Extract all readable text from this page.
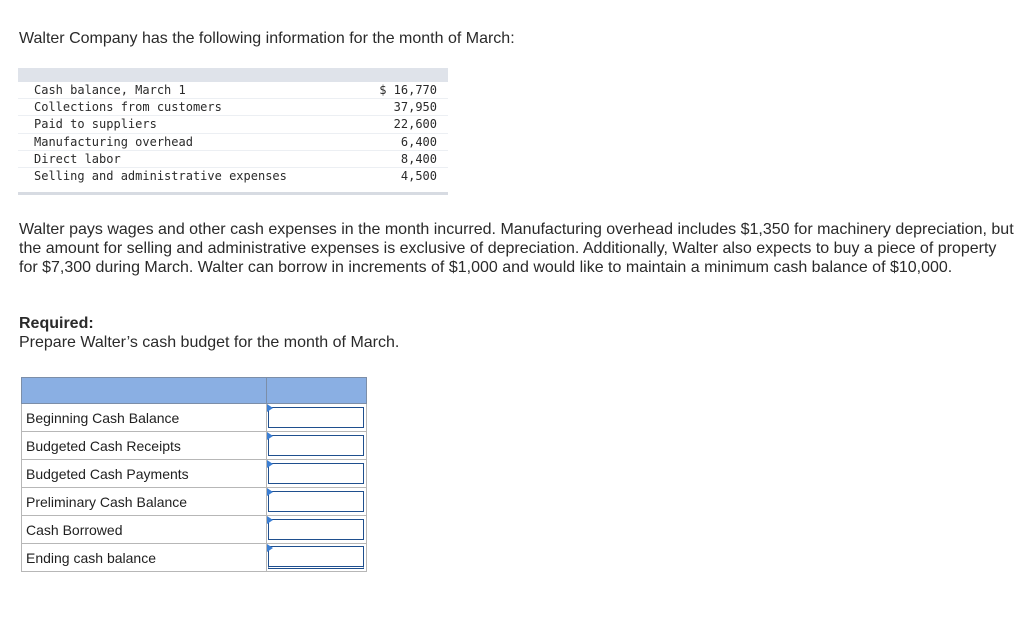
Walter Company has the following information for the month of March:

Cash balance, March 1	$ 16,770
Collections from customers	37,950
Paid to suppliers	22,600
Manufacturing overhead	6,400
Direct labor	8,400
Selling and administrative expenses	4,500

Walter pays wages and other cash expenses in the month incurred. Manufacturing overhead includes $1,350 for machinery depreciation, but the amount for selling and administrative expenses is exclusive of depreciation. Additionally, Walter also expects to buy a piece of property for $7,300 during March. Walter can borrow in increments of $1,000 and would like to maintain a minimum cash balance of $10,000.

Required:
Prepare Walter’s cash budget for the month of March.

Beginning Cash Balance	

Budgeted Cash Receipts	

Budgeted Cash Payments	

Preliminary Cash Balance	

Cash Borrowed	

Ending cash balance	
